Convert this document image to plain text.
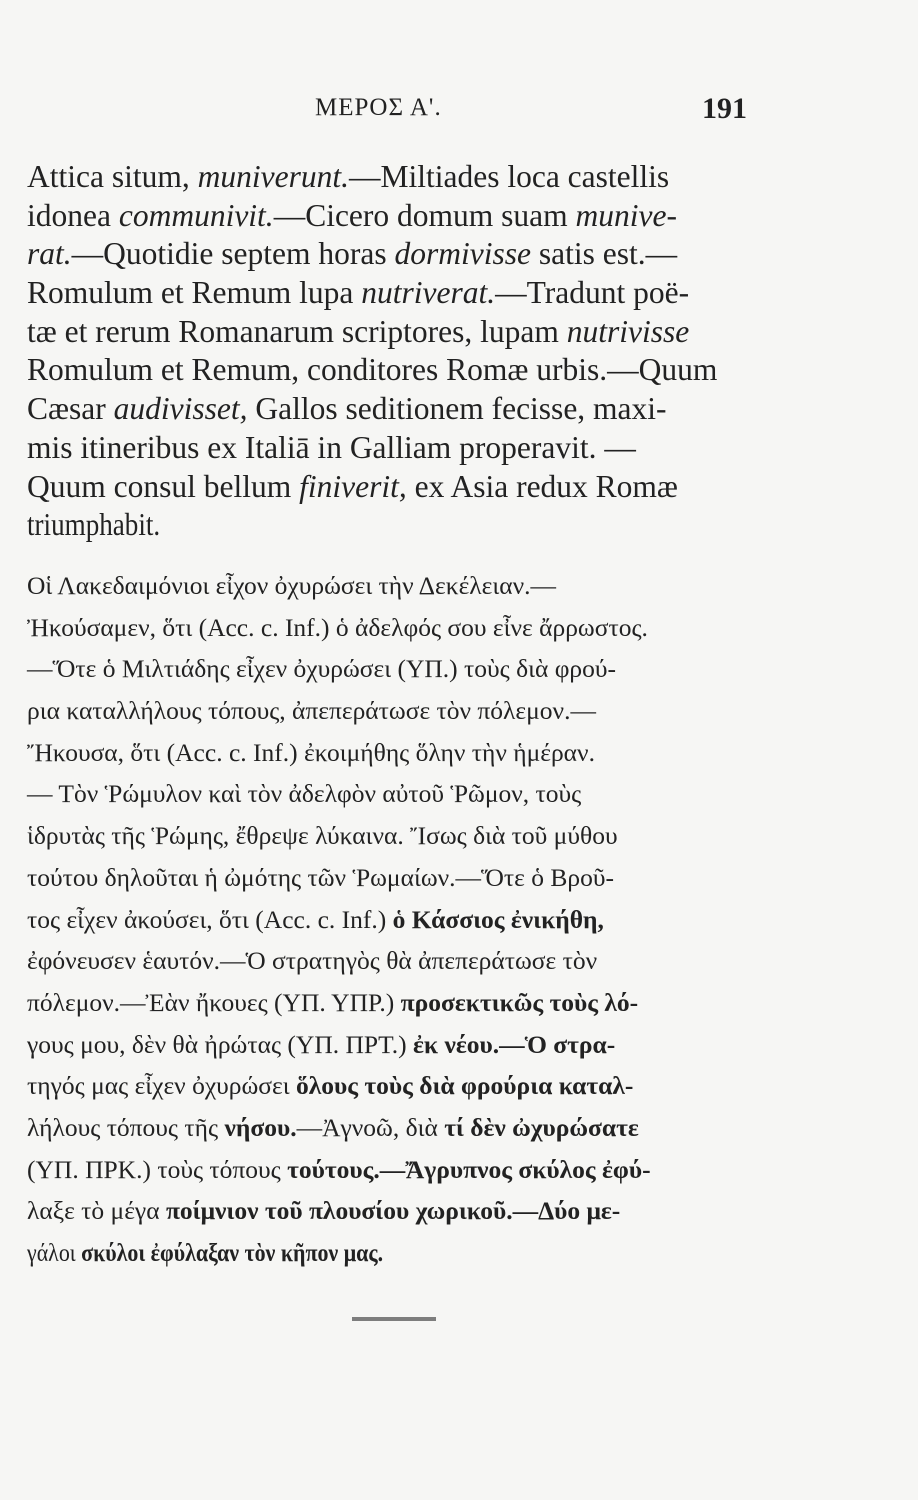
ΜΕΡΟΣ Α'.	191
Attica situm, muniverunt.—Miltiades loca castellis
idonea communivit.—Cicero domum suam munive-
rat.—Quotidie septem horas dormivisse satis est.—
Romulum et Remum lupa nutriverat.—Tradunt poë-
tæ et rerum Romanarum scriptores, lupam nutrivisse
Romulum et Remum, conditores Romæ urbis.—Quum
Cæsar audivisset, Gallos seditionem fecisse, maxi-
mis itineribus ex Italiā in Galliam properavit. —
Quum consul bellum finiverit, ex Asia redux Romæ
triumphabit.
Οἱ Λακεδαιμόνιοι εἶχον ὀχυρώσει τὴν Δεκέλειαν.—
Ἠκούσαμεν, ὅτι (Acc. c. Inf.) ὁ ἀδελφός σου εἶνε ἄρρωστος.
—Ὅτε ὁ Μιλτιάδης εἶχεν ὀχυρώσει (ΥΠ.) τοὺς διὰ φρού-
ρια καταλλήλους τόπους, ἀπεπεράτωσε τὸν πόλεμον.—
Ἤκουσα, ὅτι (Acc. c. Inf.) ἐκοιμήθης ὅλην τὴν ἡμέραν.
— Τὸν Ῥώμυλον καὶ τὸν ἀδελφὸν αὐτοῦ Ῥῶμον, τοὺς
ἱδρυτὰς τῆς Ῥώμης, ἔθρεψε λύκαινα. Ἴσως διὰ τοῦ μύθου
τούτου δηλοῦται ἡ ὠμότης τῶν Ῥωμαίων.—Ὅτε ὁ Βροῦ-
τος εἶχεν ἀκούσει, ὅτι (Acc. c. Inf.) ὁ Κάσσιος ἐνικήθη,
ἐφόνευσεν ἑαυτόν.—Ὁ στρατηγὸς θὰ ἀπεπεράτωσε τὸν
πόλεμον.—Ἐὰν ἤκουες (ΥΠ. ΥΠΡ.) προσεκτικῶς τοὺς λό-
γους μου, δὲν θὰ ἠρώτας (ΥΠ. ΠΡΤ.) ἐκ νέου.—Ὁ στρα-
τηγός μας εἶχεν ὀχυρώσει ὅλους τοὺς διὰ φρούρια καταλ-
λήλους τόπους τῆς νήσου.—Ἀγνοῶ, διὰ τί δὲν ὠχυρώσατε
(ΥΠ. ΠΡΚ.) τοὺς τόπους τούτους.—Ἄγρυπνος σκύλος ἐφύ-
λαξε τὸ μέγα ποίμνιον τοῦ πλουσίου χωρικοῦ.—Δύο με-
γάλοι σκύλοι ἐφύλαξαν τὸν κῆπον μας.
